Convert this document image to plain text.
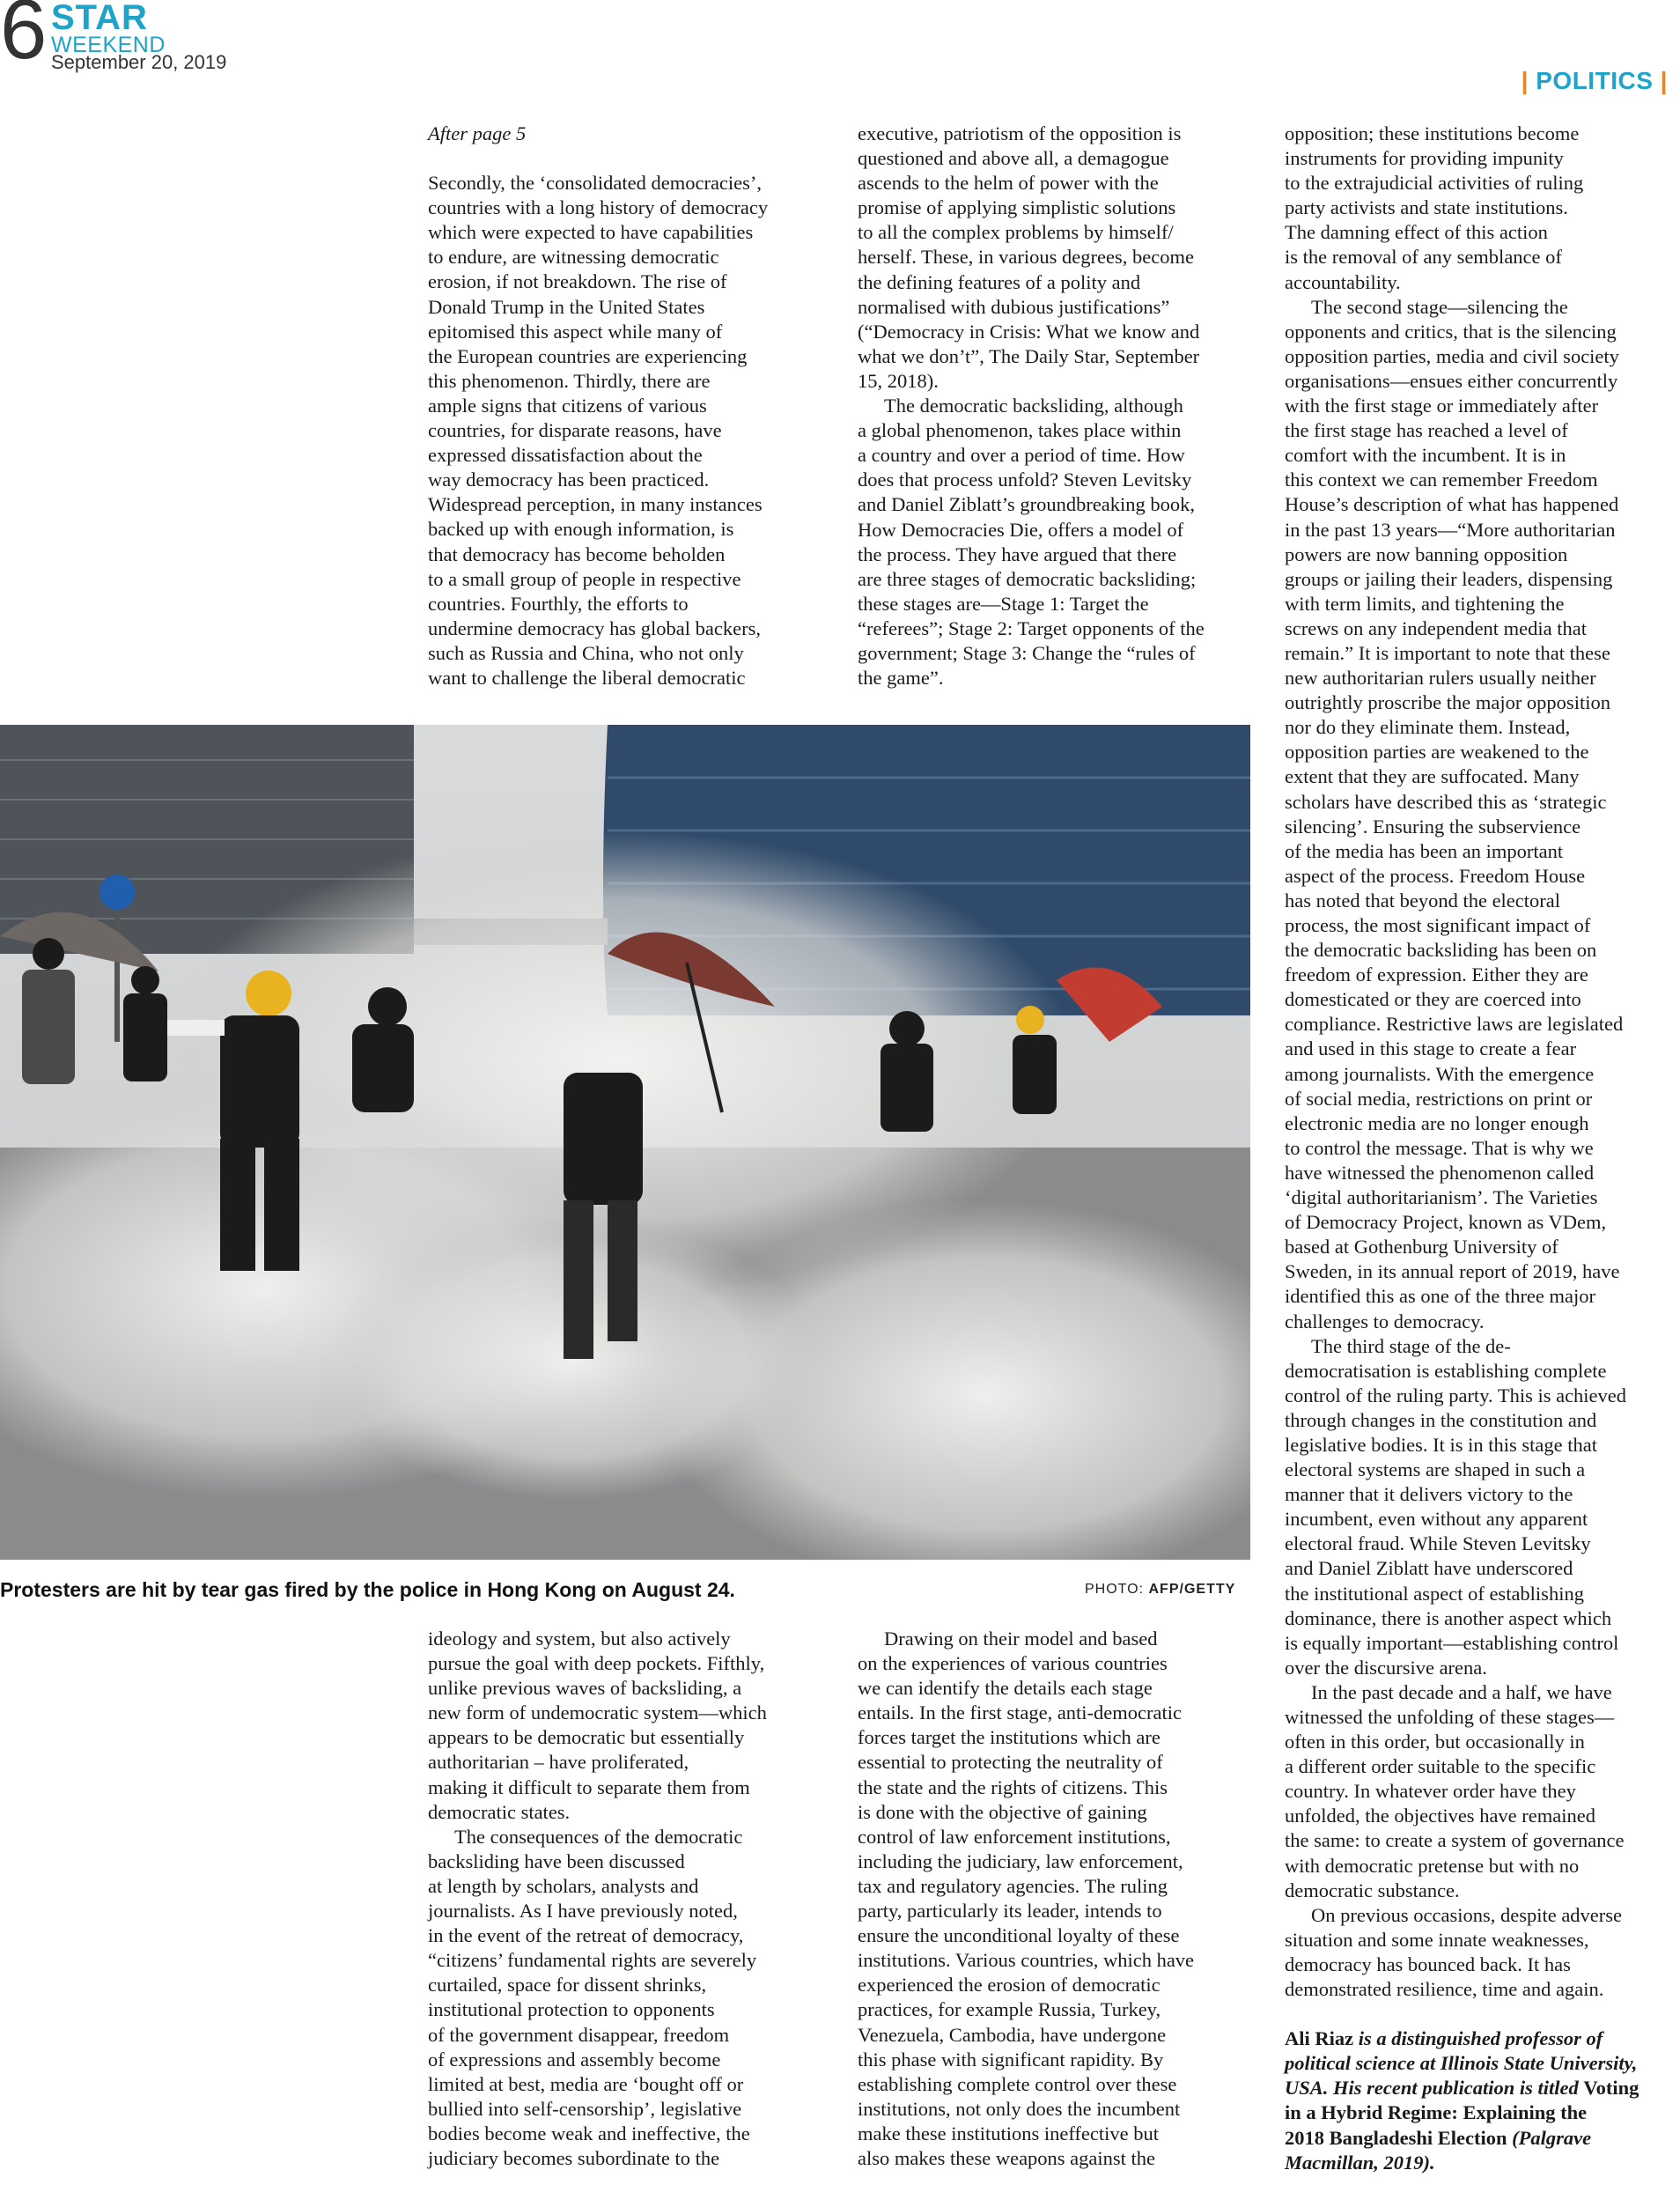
6 STAR
WEEKEND
September 20, 2019
| POLITICS |

After page 5

Secondly, the ‘consolidated democracies’,
countries with a long history of democracy
which were expected to have capabilities
to endure, are witnessing democratic
erosion, if not breakdown. The rise of
Donald Trump in the United States
epitomised this aspect while many of
the European countries are experiencing
this phenomenon. Thirdly, there are
ample signs that citizens of various
countries, for disparate reasons, have
expressed dissatisfaction about the
way democracy has been practiced.
Widespread perception, in many instances
backed up with enough information, is
that democracy has become beholden
to a small group of people in respective
countries. Fourthly, the efforts to
undermine democracy has global backers,
such as Russia and China, who not only
want to challenge the liberal democratic

executive, patriotism of the opposition is
questioned and above all, a demagogue
ascends to the helm of power with the
promise of applying simplistic solutions
to all the complex problems by himself/
herself. These, in various degrees, become
the defining features of a polity and
normalised with dubious justifications”
(“Democracy in Crisis: What we know and
what we don’t”, The Daily Star, September
15, 2018).

The democratic backsliding, although
a global phenomenon, takes place within
a country and over a period of time. How
does that process unfold? Steven Levitsky
and Daniel Ziblatt’s groundbreaking book,
How Democracies Die, offers a model of
the process. They have argued that there
are three stages of democratic backsliding;
these stages are—Stage 1: Target the
“referees”; Stage 2: Target opponents of the
government; Stage 3: Change the “rules of
the game”.

opposition; these institutions become
instruments for providing impunity
to the extrajudicial activities of ruling
party activists and state institutions.
The damning effect of this action
is the removal of any semblance of
accountability.

The second stage—silencing the
opponents and critics, that is the silencing
opposition parties, media and civil society
organisations—ensues either concurrently
with the first stage or immediately after
the first stage has reached a level of
comfort with the incumbent. It is in
this context we can remember Freedom
House’s description of what has happened
in the past 13 years—“More authoritarian
powers are now banning opposition
groups or jailing their leaders, dispensing
with term limits, and tightening the
screws on any independent media that
remain.” It is important to note that these
new authoritarian rulers usually neither
outrightly proscribe the major opposition
nor do they eliminate them. Instead,
opposition parties are weakened to the
extent that they are suffocated. Many
scholars have described this as ‘strategic
silencing’. Ensuring the subservience
of the media has been an important
aspect of the process. Freedom House
has noted that beyond the electoral
process, the most significant impact of
the democratic backsliding has been on
freedom of expression. Either they are
domesticated or they are coerced into
compliance. Restrictive laws are legislated
and used in this stage to create a fear
among journalists. With the emergence
of social media, restrictions on print or
electronic media are no longer enough
to control the message. That is why we
have witnessed the phenomenon called
‘digital authoritarianism’. The Varieties
of Democracy Project, known as VDem,
based at Gothenburg University of
Sweden, in its annual report of 2019, have
identified this as one of the three major
challenges to democracy.

The third stage of the de-
democratisation is establishing complete
control of the ruling party. This is achieved
through changes in the constitution and
legislative bodies. It is in this stage that
electoral systems are shaped in such a
manner that it delivers victory to the
incumbent, even without any apparent
electoral fraud. While Steven Levitsky
and Daniel Ziblatt have underscored
the institutional aspect of establishing
dominance, there is another aspect which
is equally important—establishing control
over the discursive arena.

In the past decade and a half, we have
witnessed the unfolding of these stages—
often in this order, but occasionally in
a different order suitable to the specific
country. In whatever order have they
unfolded, the objectives have remained
the same: to create a system of governance
with democratic pretense but with no
democratic substance.

On previous occasions, despite adverse
situation and some innate weaknesses,
democracy has bounced back. It has
demonstrated resilience, time and again.

Ali Riaz is a distinguished professor of
political science at Illinois State University,
USA. His recent publication is titled Voting
in a Hybrid Regime: Explaining the
2018 Bangladeshi Election (Palgrave
Macmillan, 2019).

Protesters are hit by tear gas fired by the police in Hong Kong on August 24.	PHOTO: AFP/GETTY

ideology and system, but also actively
pursue the goal with deep pockets. Fifthly,
unlike previous waves of backsliding, a
new form of undemocratic system—which
appears to be democratic but essentially
authoritarian – have proliferated,
making it difficult to separate them from
democratic states.

The consequences of the democratic
backsliding have been discussed
at length by scholars, analysts and
journalists. As I have previously noted,
in the event of the retreat of democracy,
“citizens’ fundamental rights are severely
curtailed, space for dissent shrinks,
institutional protection to opponents
of the government disappear, freedom
of expressions and assembly become
limited at best, media are ‘bought off or
bullied into self-censorship’, legislative
bodies become weak and ineffective, the
judiciary becomes subordinate to the

Drawing on their model and based
on the experiences of various countries
we can identify the details each stage
entails. In the first stage, anti-democratic
forces target the institutions which are
essential to protecting the neutrality of
the state and the rights of citizens. This
is done with the objective of gaining
control of law enforcement institutions,
including the judiciary, law enforcement,
tax and regulatory agencies. The ruling
party, particularly its leader, intends to
ensure the unconditional loyalty of these
institutions. Various countries, which have
experienced the erosion of democratic
practices, for example Russia, Turkey,
Venezuela, Cambodia, have undergone
this phase with significant rapidity. By
establishing complete control over these
institutions, not only does the incumbent
make these institutions ineffective but
also makes these weapons against the
